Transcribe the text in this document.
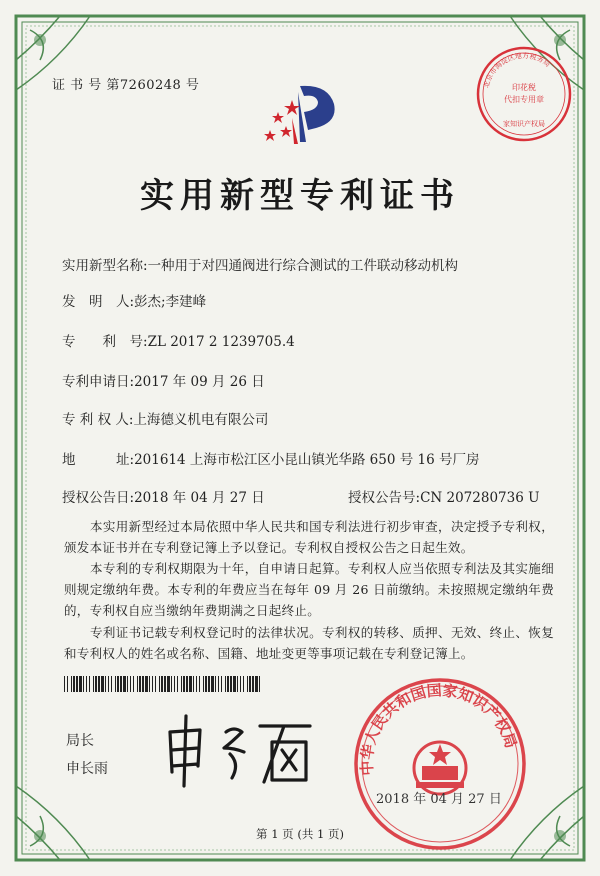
证 书 号 第7260248 号	北京市海淀区地方税务局
印花税
代扣专用章
家知识产权局
实用新型专利证书
实用新型名称:一种用于对四通阀进行综合测试的工件联动移动机构
发　明　人:彭杰;李建峰
专　　利　号:ZL 2017 2 1239705.4
专利申请日:2017 年 09 月 26 日
专 利 权 人:上海德义机电有限公司
地　　　址:201614 上海市松江区小昆山镇光华路 650 号 16 号厂房
授权公告日:2018 年 04 月 27 日	授权公告号:CN 207280736 U
本实用新型经过本局依照中华人民共和国专利法进行初步审查，决定授予专利权，颁发本证书并在专利登记簿上予以登记。专利权自授权公告之日起生效。
本专利的专利权期限为十年，自申请日起算。专利权人应当依照专利法及其实施细则规定缴纳年费。本专利的年费应当在每年 09 月 26 日前缴纳。未按照规定缴纳年费的，专利权自应当缴纳年费期满之日起终止。
专利证书记载专利权登记时的法律状况。专利权的转移、质押、无效、终止、恢复和专利权人的姓名或名称、国籍、地址变更等事项记载在专利登记簿上。
局长
申长雨	中华人民共和国国家知识产权局
2018 年 04 月 27 日
第 1 页 (共 1 页)
